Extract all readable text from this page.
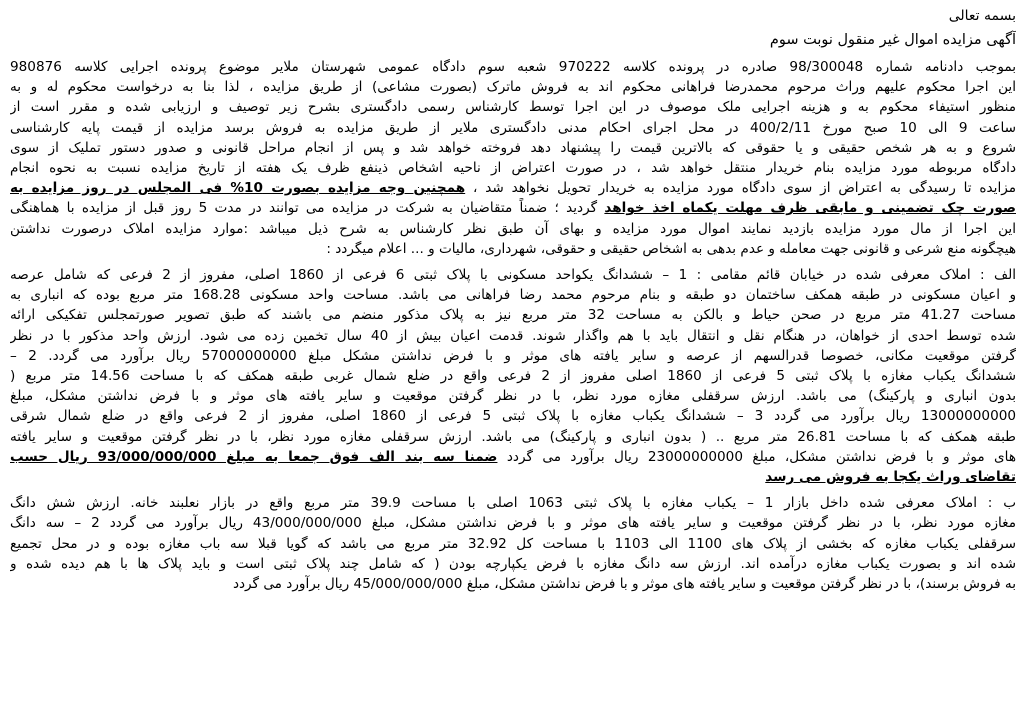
بسمه تعالی
آگهی مزایده اموال غیر منقول نوبت سوم
بموجب دادنامه شماره 98/300048 صادره در پرونده کلاسه 970222 شعبه سوم دادگاه عمومی شهرستان ملایر موضوع پرونده اجرایی کلاسه 980876
این اجرا محکوم علیهم وراث مرحوم محمدرضا فراهانی محکوم اند به فروش ماترک (بصورت مشاعی) از طریق مزایده ، لذا بنا به درخواست محکوم له و به
منظور استیفاء محکوم به و هزینه اجرایی ملک موصوف در این اجرا توسط کارشناس رسمی دادگستری بشرح زیر توصیف و ارزیابی شده و مقرر است از
ساعت 9 الی 10 صبح مورخ 400/2/11 در محل اجرای احکام مدنی دادگستری ملایر از طریق مزایده به فروش برسد مزایده از قیمت پایه کارشناسی
شروع و به هر شخص حقیقی و یا حقوقی که بالاترین قیمت را پیشنهاد دهد فروخته خواهد شد و پس از انجام مراحل قانونی و صدور دستور تملیک از سوی
دادگاه مربوطه مورد مزایده بنام خریدار منتقل خواهد شد ، در صورت اعتراض از ناحیه اشخاص ذینفع ظرف یک هفته از تاریخ مزایده نسبت به نحوه انجام
مزایده تا رسیدگی به اعتراض از سوی دادگاه مورد مزایده به خریدار تحویل نخواهد شد ، همچنین وجه مزایده بصورت 10% فی المجلس در روز مزایده به
صورت چک تضمینی و مابقی ظرف مهلت یکماه اخذ خواهد گردید ؛ ضمناً متقاضیان به شرکت در مزایده می توانند در مدت 5 روز قبل از مزایده با هماهنگی
این اجرا از مال مورد مزایده بازدید نمایند اموال مورد مزایده و بهای آن طبق نظر کارشناس به شرح ذیل میباشد :موارد مزایده املاک درصورت نداشتن
هیچگونه منع شرعی و قانونی جهت معامله و عدم بدهی به اشخاص حقیقی و حقوقی، شهرداری، مالیات و ... اعلام میگردد :
الف : املاک معرفی شده در خیابان قائم مقامی : 1 – ششدانگ یکواحد مسکونی با پلاک ثبتی 6 فرعی از 1860 اصلی، مفروز از 2 فرعی که شامل عرصه
و اعیان مسکونی در طبقه همکف ساختمان دو طبقه و بنام مرحوم محمد رضا فراهانی می باشد. مساحت واحد مسکونی 168.28 متر مربع بوده که انباری به
مساحت 41.27 متر مربع در صحن حیاط و بالکن به مساحت 32 متر مربع نیز به پلاک مذکور منضم می باشند که طبق تصویر صورتمجلس تفکیکی ارائه
شده توسط احدی از خواهان، در هنگام نقل و انتقال باید با هم واگذار شوند. قدمت اعیان بیش از 40 سال تخمین زده می شود. ارزش واحد مذکور با در نظر
گرفتن موقعیت مکانی، خصوصا قدرالسهم از عرصه و سایر یافته های موثر و با فرض نداشتن مشکل مبلغ 57000000000 ریال برآورد می گردد. 2 –
ششدانگ یکباب مغازه با پلاک ثبتی 5 فرعی از 1860 اصلی مفروز از 2 فرعی واقع در ضلع شمال غربی طبقه همکف که با مساحت 14.56 متر مربع (
بدون انباری و پارکینگ) می باشد. ارزش سرقفلی مغازه مورد نظر، با در نظر گرفتن موقعیت و سایر یافته های موثر و با فرض نداشتن مشکل، مبلغ
13000000000 ریال برآورد می گردد 3 – ششدانگ یکباب مغازه با پلاک ثبتی 5 فرعی از 1860 اصلی، مفروز از 2 فرعی واقع در ضلع شمال شرقی
طبقه همکف که با مساحت 26.81 متر مربع .. ( بدون انباری و پارکینگ) می باشد. ارزش سرقفلی مغازه مورد نظر، با در نظر گرفتن موقعیت و سایر یافته
های موثر و با فرض نداشتن مشکل، مبلغ 23000000000 ریال برآورد می گردد ضمنا سه بند الف فوق جمعا به مبلغ 93/000/000/000 ریال حسب
تقاضای وراث یکجا به فروش می رسد
ب : املاک معرفی شده داخل بازار 1 – یکباب مغازه با پلاک ثبتی 1063 اصلی با مساحت 39.9 متر مربع واقع در بازار نعلبند خانه. ارزش شش دانگ
مغازه مورد نظر، با در نظر گرفتن موقعیت و سایر یافته های موثر و با فرض نداشتن مشکل، مبلغ 43/000/000/000 ریال برآورد می گردد 2 – سه دانگ
سرقفلی یکباب مغازه که بخشی از پلاک های 1100 الی 1103 با مساحت کل 32.92 متر مربع می باشد که گویا قبلا سه باب مغازه بوده و در محل تجمیع
شده اند و بصورت یکباب مغازه درآمده اند. ارزش سه دانگ مغازه با فرض یکپارچه بودن ( که شامل چند پلاک ثبتی است و باید پلاک ها با هم دیده شده و
به فروش برسند)، با در نظر گرفتن موقعیت و سایر یافته های موثر و با فرض نداشتن مشکل، مبلغ 45/000/000/000 ریال برآورد می گردد
